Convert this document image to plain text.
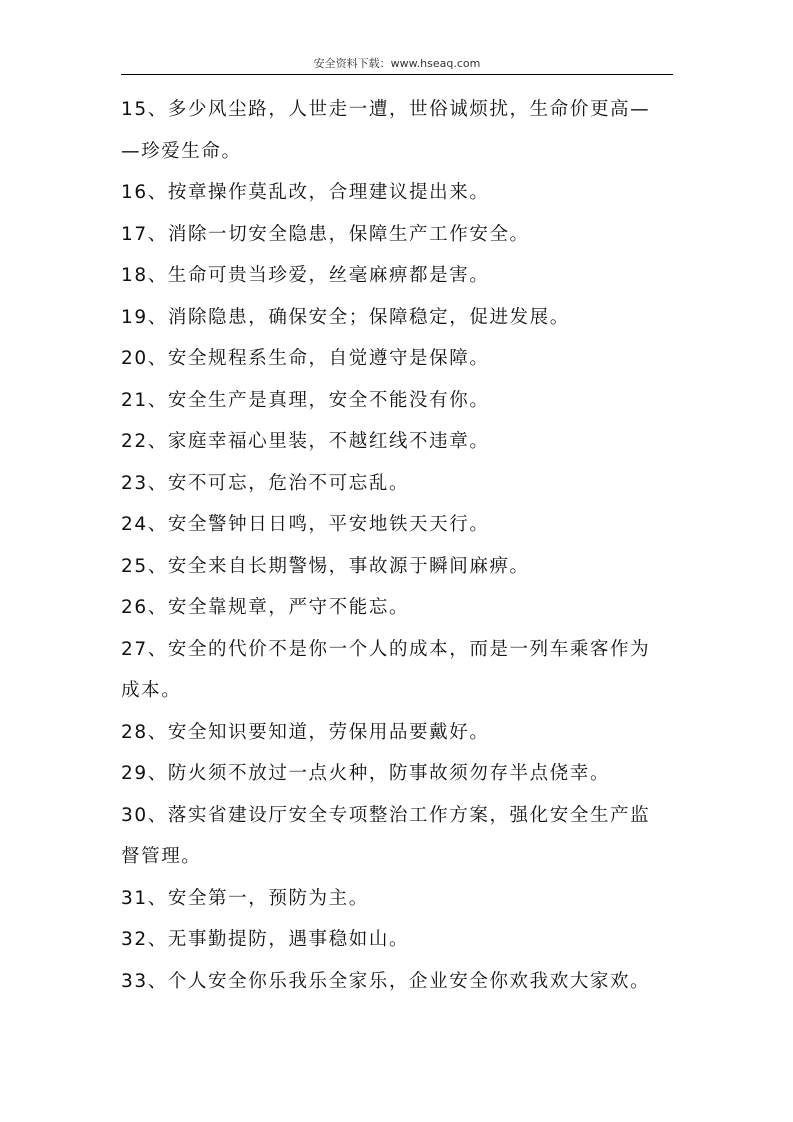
安全资料下载：www.hseaq.com
15、多少风尘路，人世走一遭，世俗诚烦扰，生命价更高—
—珍爱生命。
16、按章操作莫乱改，合理建议提出来。
17、消除一切安全隐患，保障生产工作安全。
18、生命可贵当珍爱，丝毫麻痹都是害。
19、消除隐患，确保安全；保障稳定，促进发展。
20、安全规程系生命，自觉遵守是保障。
21、安全生产是真理，安全不能没有你。
22、家庭幸福心里装，不越红线不违章。
23、安不可忘，危治不可忘乱。
24、安全警钟日日鸣，平安地铁天天行。
25、安全来自长期警惕，事故源于瞬间麻痹。
26、安全靠规章，严守不能忘。
27、安全的代价不是你一个人的成本，而是一列车乘客作为
成本。
28、安全知识要知道，劳保用品要戴好。
29、防火须不放过一点火种，防事故须勿存半点侥幸。
30、落实省建设厅安全专项整治工作方案，强化安全生产监
督管理。
31、安全第一，预防为主。
32、无事勤提防，遇事稳如山。
33、个人安全你乐我乐全家乐，企业安全你欢我欢大家欢。
